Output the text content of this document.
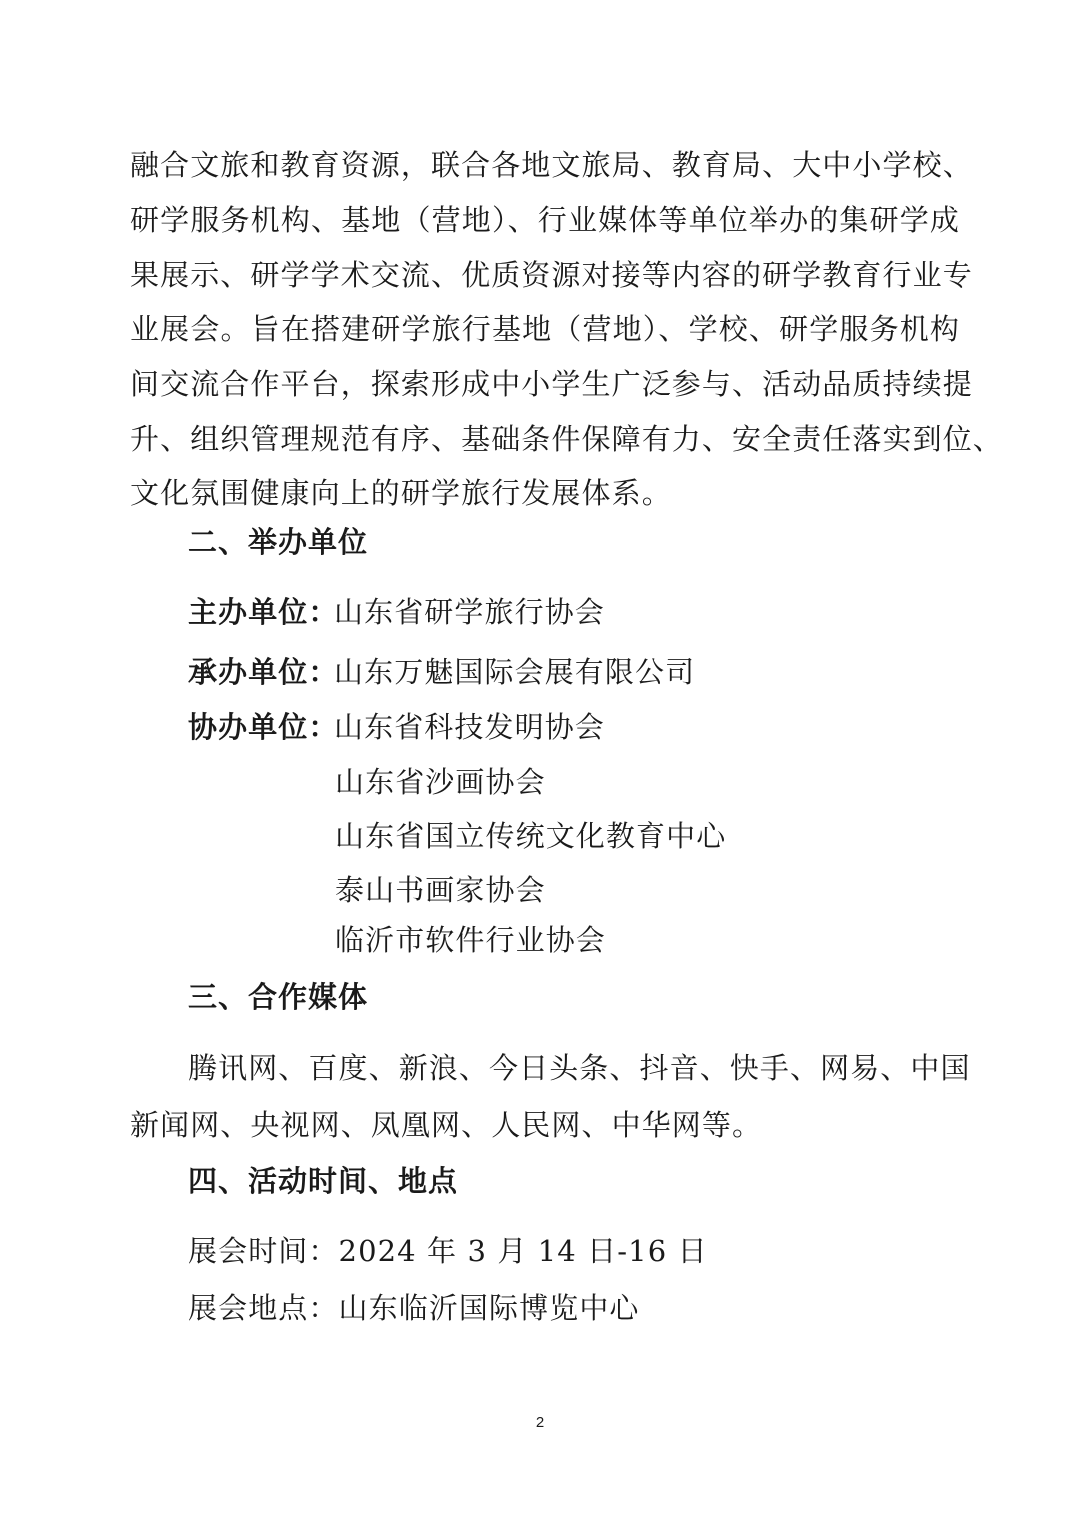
融合文旅和教育资源，联合各地文旅局、教育局、大中小学校、
研学服务机构、基地（营地）、行业媒体等单位举办的集研学成
果展示、研学学术交流、优质资源对接等内容的研学教育行业专
业展会。旨在搭建研学旅行基地（营地）、学校、研学服务机构
间交流合作平台，探索形成中小学生广泛参与、活动品质持续提
升、组织管理规范有序、基础条件保障有力、安全责任落实到位、
文化氛围健康向上的研学旅行发展体系。
二、举办单位
主办单位：山东省研学旅行协会
承办单位：山东万魅国际会展有限公司
协办单位：山东省科技发明协会
山东省沙画协会
山东省国立传统文化教育中心
泰山书画家协会
临沂市软件行业协会
三、合作媒体
腾讯网、百度、新浪、今日头条、抖音、快手、网易、中国
新闻网、央视网、凤凰网、人民网、中华网等。
四、活动时间、地点
展会时间：2024 年 3 月 14 日-16 日
展会地点：山东临沂国际博览中心
2
